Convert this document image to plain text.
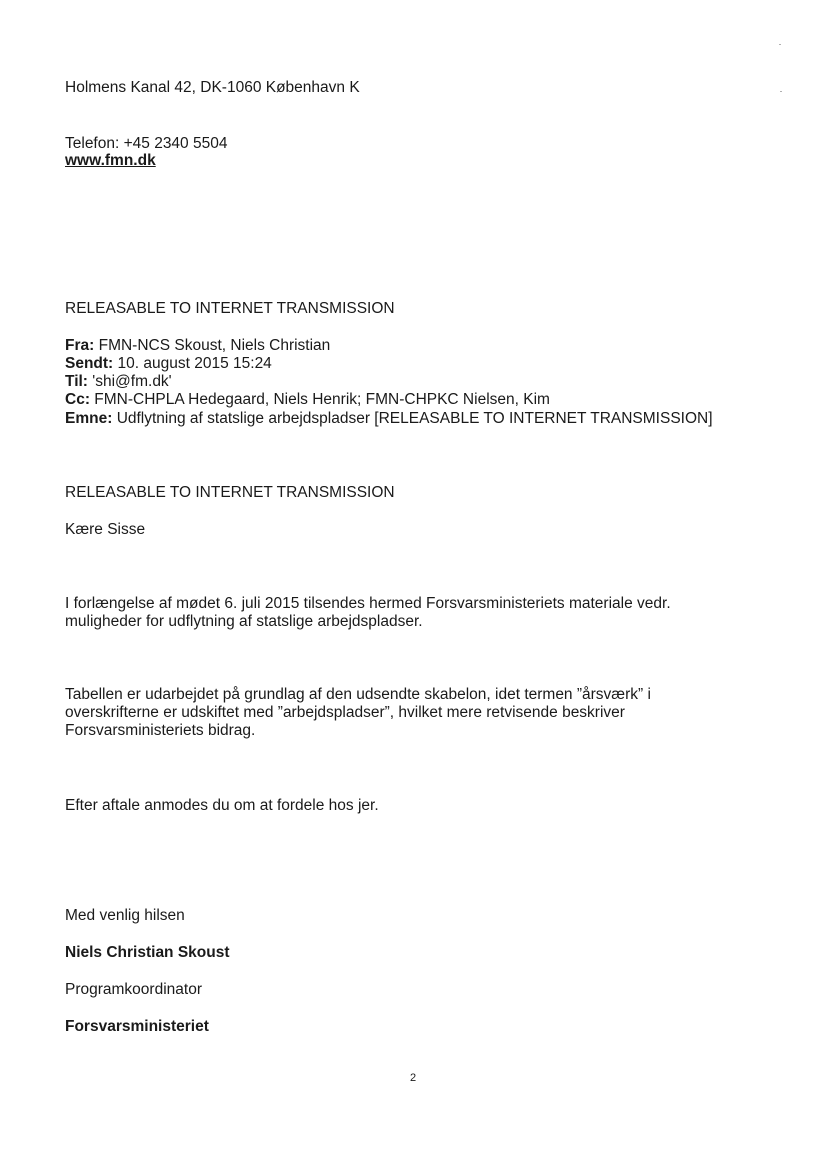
Holmens Kanal 42, DK-1060 København K
Telefon: +45 2340 5504
www.fmn.dk
RELEASABLE TO INTERNET TRANSMISSION
Fra: FMN-NCS Skoust, Niels Christian
Sendt: 10. august 2015 15:24
Til: 'shi@fm.dk'
Cc: FMN-CHPLA Hedegaard, Niels Henrik; FMN-CHPKC Nielsen, Kim
Emne: Udflytning af statslige arbejdspladser [RELEASABLE TO INTERNET TRANSMISSION]
RELEASABLE TO INTERNET TRANSMISSION
Kære Sisse
I forlængelse af mødet 6. juli 2015 tilsendes hermed Forsvarsministeriets materiale vedr.
muligheder for udflytning af statslige arbejdspladser.
Tabellen er udarbejdet på grundlag af den udsendte skabelon, idet termen ”årsværk” i
overskrifterne er udskiftet med ”arbejdspladser”, hvilket mere retvisende beskriver
Forsvarsministeriets bidrag.
Efter aftale anmodes du om at fordele hos jer.
Med venlig hilsen
Niels Christian Skoust
Programkoordinator
Forsvarsministeriet
2
